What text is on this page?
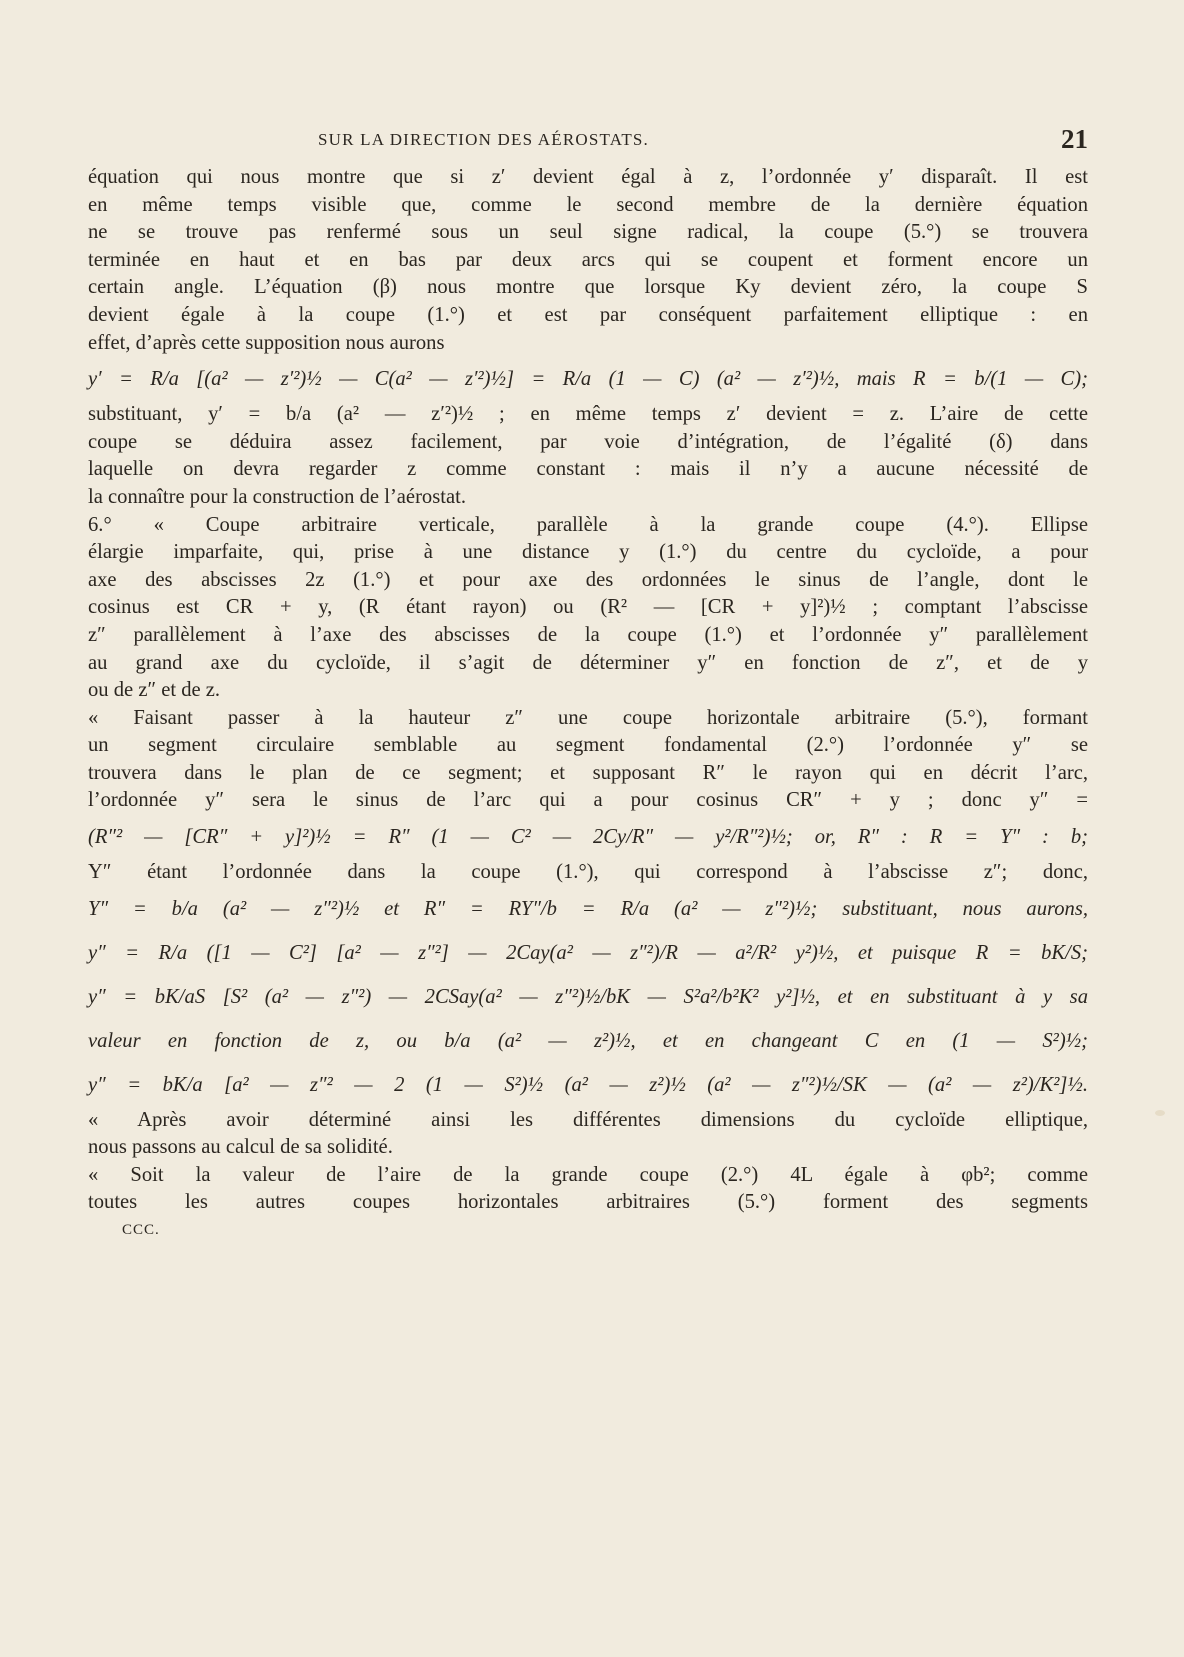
SUR LA DIRECTION DES AÉROSTATS.	21
équation qui nous montre que si z′ devient égal à z, l’ordonnée y′ disparaît. Il est
en même temps visible que, comme le second membre de la dernière équation
ne se trouve pas renfermé sous un seul signe radical, la coupe (5.°) se trouvera
terminée en haut et en bas par deux arcs qui se coupent et forment encore un
certain angle. L’équation (β) nous montre que lorsque Ky devient zéro, la coupe S
devient égale à la coupe (1.°) et est par conséquent parfaitement elliptique : en
effet, d’après cette supposition nous aurons
y′ = R/a [(a² — z′²)½ — C(a² — z′²)½] = R/a (1 — C) (a² — z′²)½, mais R = b/(1 — C);
substituant, y′ = b/a (a² — z′²)½ ; en même temps z′ devient = z. L’aire de cette
coupe se déduira assez facilement, par voie d’intégration, de l’égalité (δ) dans
laquelle on devra regarder z comme constant : mais il n’y a aucune nécessité de
la connaître pour la construction de l’aérostat.
6.° « Coupe arbitraire verticale, parallèle à la grande coupe (4.°). Ellipse
élargie imparfaite, qui, prise à une distance y (1.°) du centre du cycloïde, a pour
axe des abscisses 2z (1.°) et pour axe des ordonnées le sinus de l’angle, dont le
cosinus est CR + y, (R étant rayon) ou (R² — [CR + y]²)½ ; comptant l’abscisse
z″ parallèlement à l’axe des abscisses de la coupe (1.°) et l’ordonnée y″ parallèlement
au grand axe du cycloïde, il s’agit de déterminer y″ en fonction de z″, et de y
ou de z″ et de z.
« Faisant passer à la hauteur z″ une coupe horizontale arbitraire (5.°), formant
un segment circulaire semblable au segment fondamental (2.°) l’ordonnée y″ se
trouvera dans le plan de ce segment; et supposant R″ le rayon qui en décrit l’arc,
l’ordonnée y″ sera le sinus de l’arc qui a pour cosinus CR″ + y ; donc y″ =
(R″² — [CR″ + y]²)½ = R″ (1 — C² — 2Cy/R″ — y²/R″²)½; or, R″ : R = Y″ : b;
Y″ étant l’ordonnée dans la coupe (1.°), qui correspond à l’abscisse z″; donc,
Y″ = b/a (a² — z″²)½ et R″ = RY″/b = R/a (a² — z″²)½; substituant, nous aurons,
y″ = R/a ([1 — C²] [a² — z″²] — 2Cay(a² — z″²)/R — a²/R² y²)½, et puisque R = bK/S;
y″ = bK/aS [S² (a² — z″²) — 2CSay(a² — z″²)½/bK — S²a²/b²K² y²]½, et en substituant à y sa
valeur en fonction de z, ou b/a (a² — z²)½, et en changeant C en (1 — S²)½;
y″ = bK/a [a² — z″² — 2 (1 — S²)½ (a² — z²)½ (a² — z″²)½/SK — (a² — z²)/K²]½.
« Après avoir déterminé ainsi les différentes dimensions du cycloïde elliptique,
nous passons au calcul de sa solidité.
« Soit la valeur de l’aire de la grande coupe (2.°) 4L égale à φb²; comme
toutes les autres coupes horizontales arbitraires (5.°) forment des segments
CCC.
